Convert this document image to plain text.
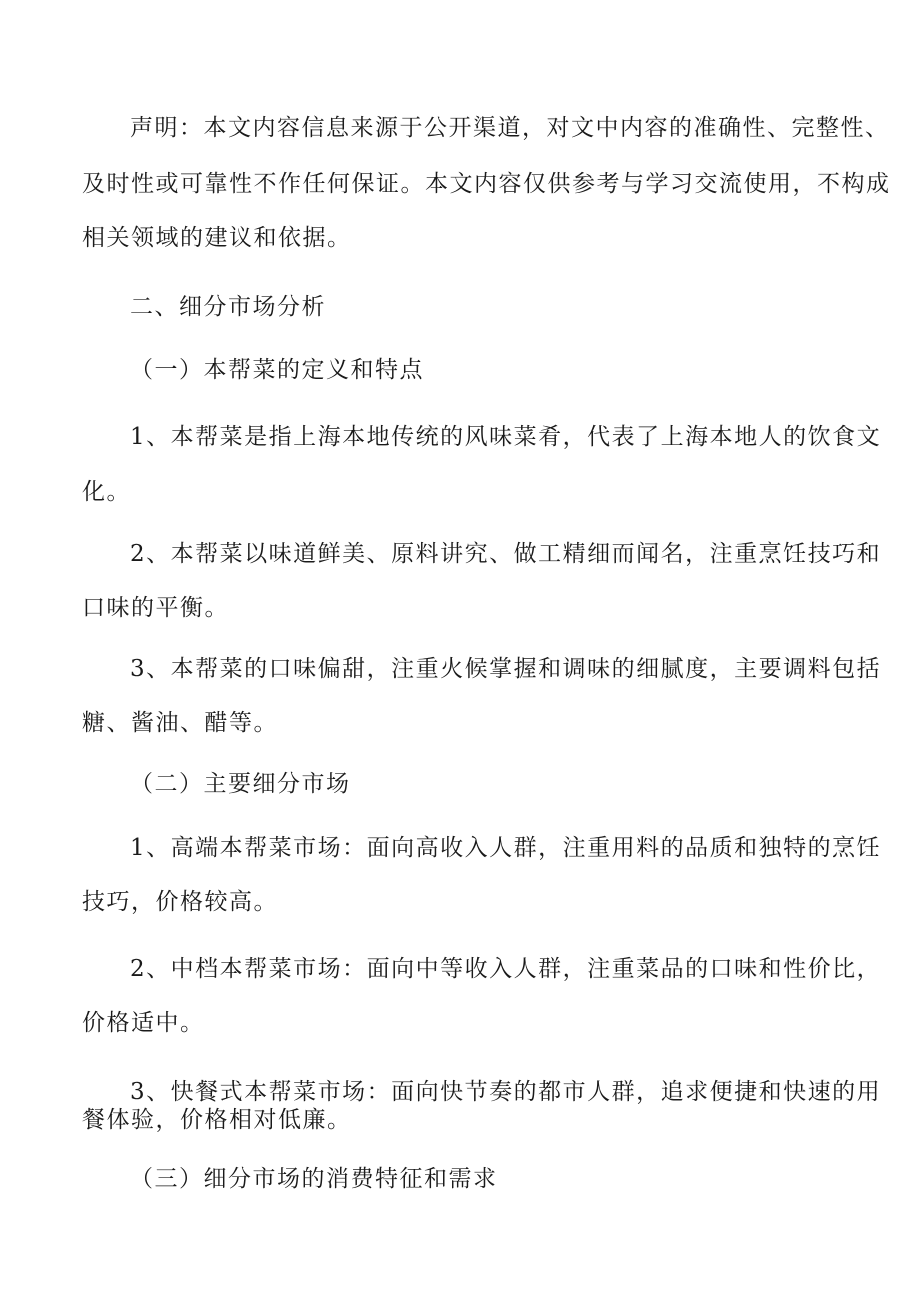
声明：本文内容信息来源于公开渠道，对文中内容的准确性、完整性、
及时性或可靠性不作任何保证。本文内容仅供参考与学习交流使用，不构成
相关领域的建议和依据。
二、细分市场分析
（一）本帮菜的定义和特点
1、本帮菜是指上海本地传统的风味菜肴，代表了上海本地人的饮食文
化。
2、本帮菜以味道鲜美、原料讲究、做工精细而闻名，注重烹饪技巧和
口味的平衡。
3、本帮菜的口味偏甜，注重火候掌握和调味的细腻度，主要调料包括
糖、酱油、醋等。
（二）主要细分市场
1、高端本帮菜市场：面向高收入人群，注重用料的品质和独特的烹饪
技巧，价格较高。
2、中档本帮菜市场：面向中等收入人群，注重菜品的口味和性价比，
价格适中。
3、快餐式本帮菜市场：面向快节奏的都市人群，追求便捷和快速的用
餐体验，价格相对低廉。
（三）细分市场的消费特征和需求
